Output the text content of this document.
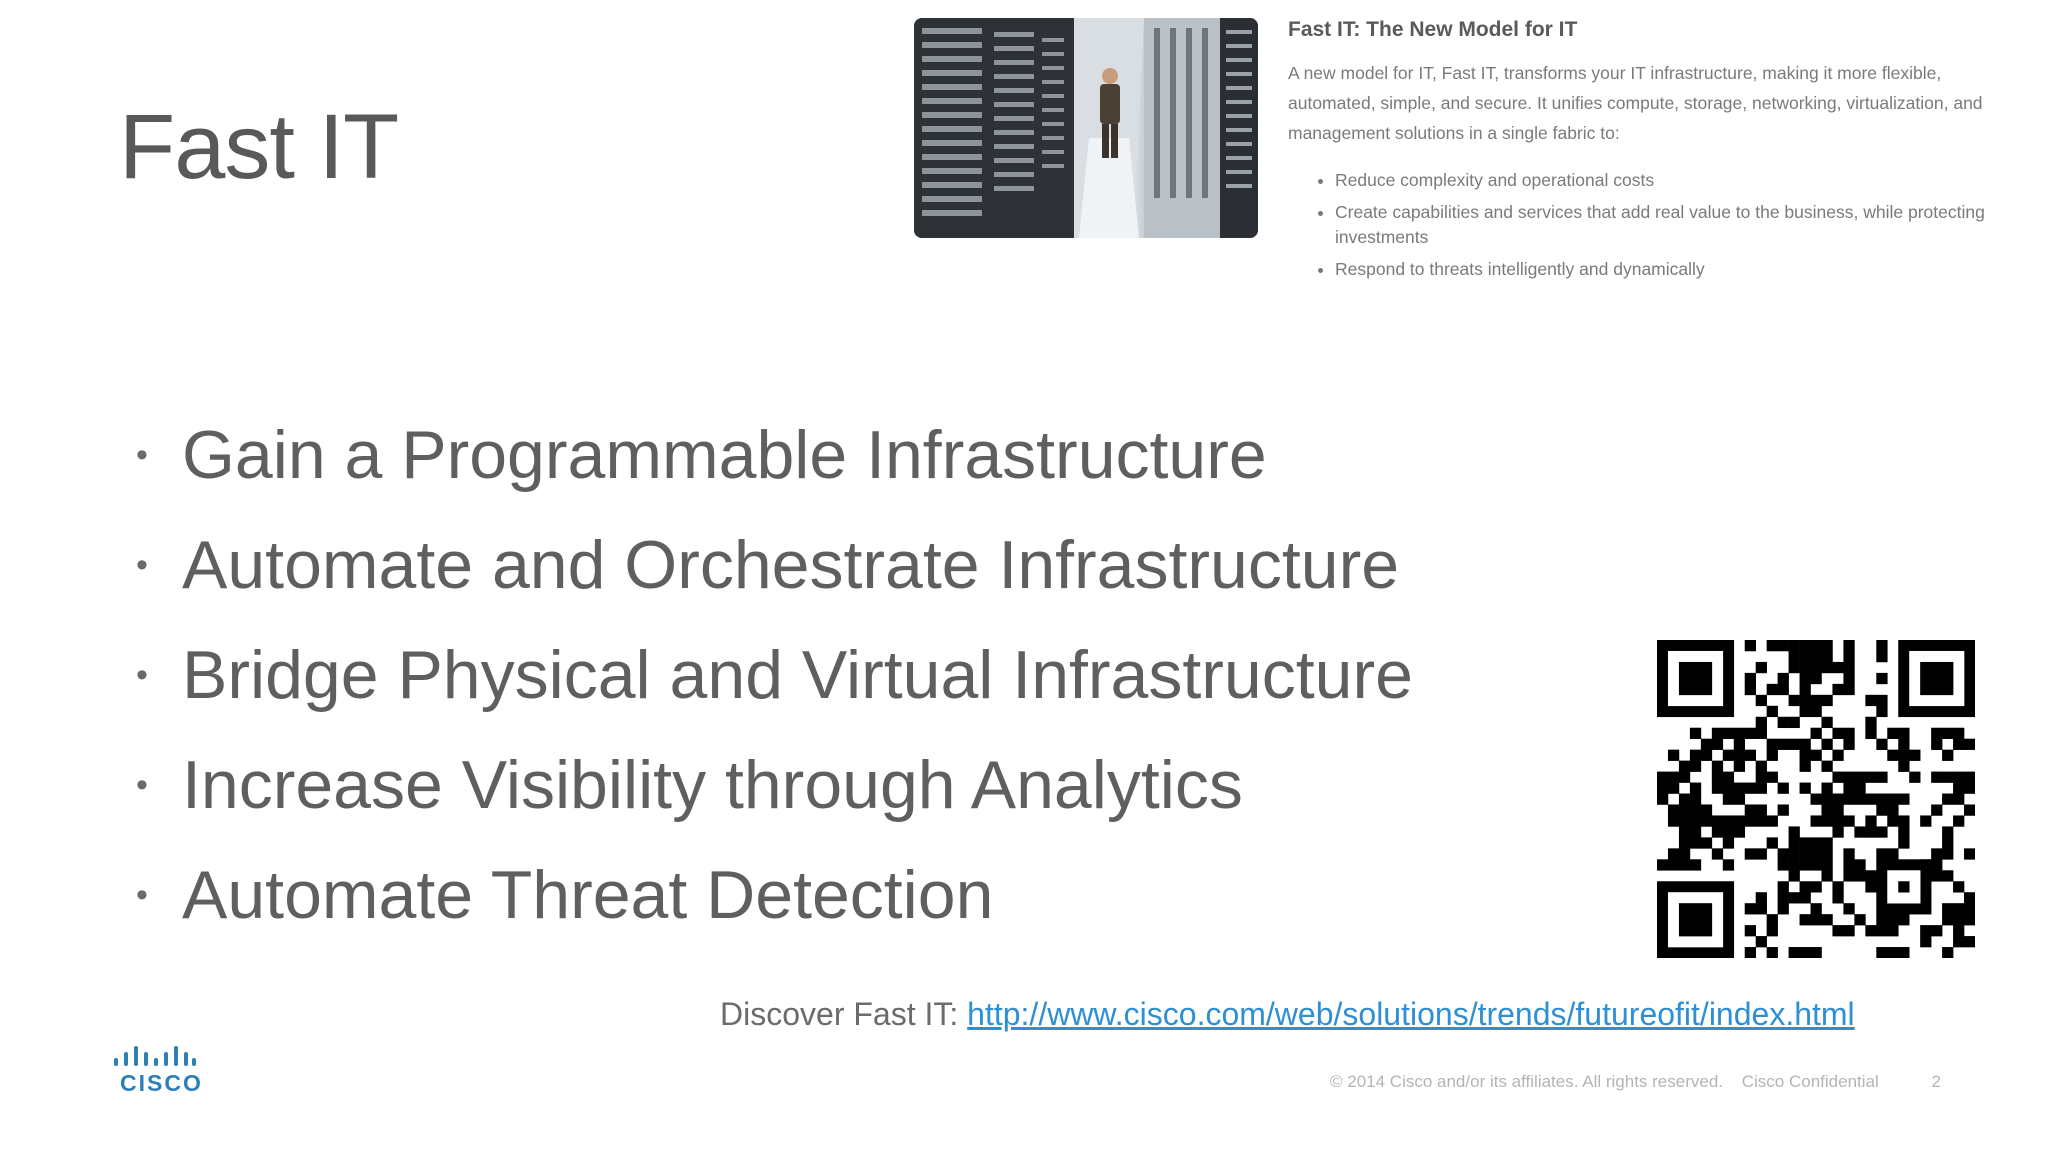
Fast IT

Fast IT: The New Model for IT

A new model for IT, Fast IT, transforms your IT infrastructure, making it more flexible, automated, simple, and secure. It unifies compute, storage, networking, virtualization, and management solutions in a single fabric to:

• Reduce complexity and operational costs
• Create capabilities and services that add real value to the business, while protecting investments
• Respond to threats intelligently and dynamically
• Gain a Programmable Infrastructure
• Automate and Orchestrate Infrastructure
• Bridge Physical and Virtual Infrastructure
• Increase Visibility through Analytics
• Automate Threat Detection
Discover Fast IT: http://www.cisco.com/web/solutions/trends/futureofit/index.html
CISCO	© 2014 Cisco and/or its affiliates. All rights reserved. Cisco Confidential	2
